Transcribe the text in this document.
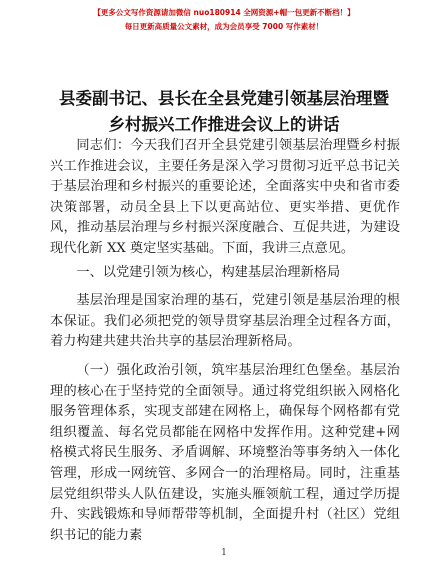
【更多公文写作资源请加微信 nuo180914 全网资源+帽一包更新不断档！】
每日更新高质量公文素材，成为会员享受 7000 写作素材！
县委副书记、县长在全县党建引领基层治理暨
乡村振兴工作推进会议上的讲话

同志们：今天我们召开全县党建引领基层治理暨乡村振兴工作推进会议，主要任务是深入学习贯彻习近平总书记关于基层治理和乡村振兴的重要论述，全面落实中央和省市委决策部署，动员全县上下以更高站位、更实举措、更优作风，推动基层治理与乡村振兴深度融合、互促共进，为建设现代化新 XX 奠定坚实基础。下面，我讲三点意见。

一、以党建引领为核心，构建基层治理新格局

基层治理是国家治理的基石，党建引领是基层治理的根本保证。我们必须把党的领导贯穿基层治理全过程各方面，着力构建共建共治共享的基层治理新格局。

（一）强化政治引领，筑牢基层治理红色堡垒。基层治理的核心在于坚持党的全面领导。通过将党组织嵌入网格化服务管理体系，实现支部建在网格上，确保每个网格都有党组织覆盖、每名党员都能在网格中发挥作用。这种党建+网格模式将民生服务、矛盾调解、环境整治等事务纳入一体化管理，形成一网统管、多网合一的治理格局。同时，注重基层党组织带头人队伍建设，实施头雁领航工程，通过学历提升、实践锻炼和导师帮带等机制，全面提升村（社区）党组织书记的能力素

1
